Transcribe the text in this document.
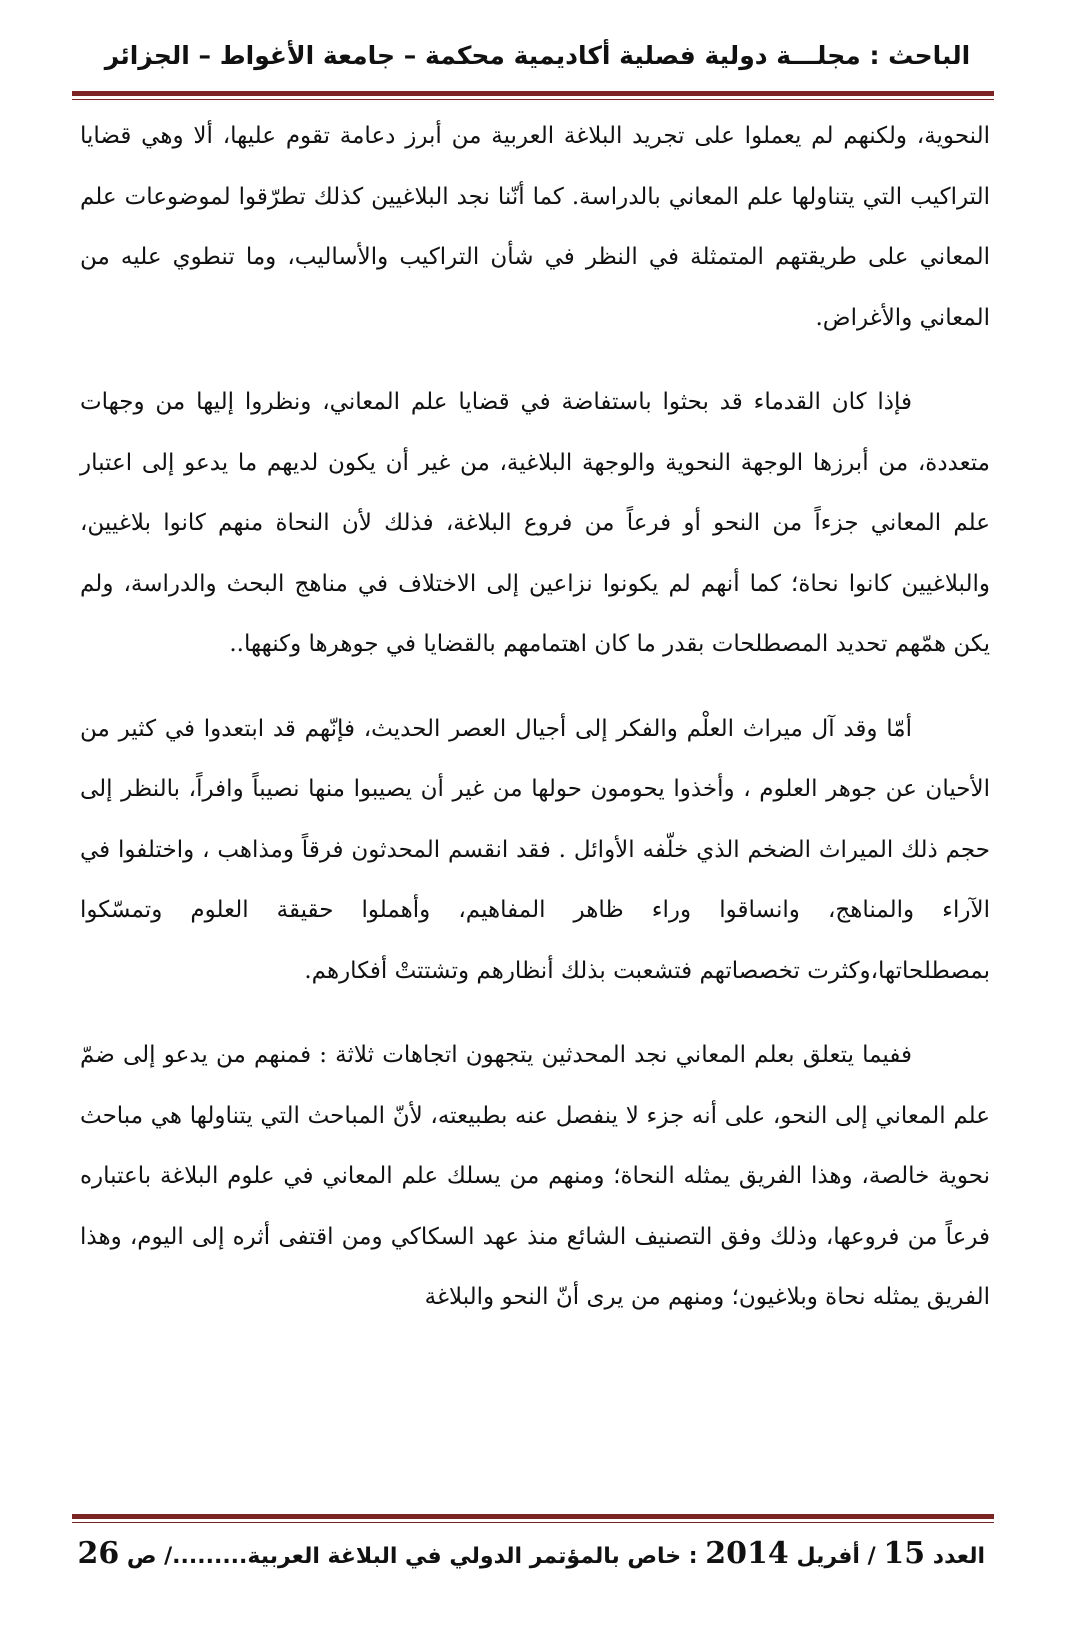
الباحث : مجلـــة دولية فصلية أكاديمية محكمة – جامعة الأغواط – الجزائر

النحوية، ولكنهم لم يعملوا على تجريد البلاغة العربية من أبرز دعامة تقوم عليها، ألا وهي قضايا التراكيب التي يتناولها علم المعاني بالدراسة. كما أنّنا نجد البلاغيين كذلك تطرّقوا لموضوعات علم المعاني على طريقتهم المتمثلة في النظر في شأن التراكيب والأساليب، وما تنطوي عليه من المعاني والأغراض.

فإذا كان القدماء قد بحثوا باستفاضة في قضايا علم المعاني، ونظروا إليها من وجهات متعددة، من أبرزها الوجهة النحوية والوجهة البلاغية، من غير أن يكون لديهم ما يدعو إلى اعتبار علم المعاني جزءاً من النحو أو فرعاً من فروع البلاغة، فذلك لأن النحاة منهم كانوا بلاغيين، والبلاغيين كانوا نحاة؛ كما أنهم لم يكونوا نزاعين إلى الاختلاف في مناهج البحث والدراسة، ولم يكن همّهم تحديد المصطلحات بقدر ما كان اهتمامهم بالقضايا في جوهرها وكنهها..

أمّا وقد آل ميراث العلْم والفكر إلى أجيال العصر الحديث، فإنّهم قد ابتعدوا في كثير من الأحيان عن جوهر العلوم ، وأخذوا يحومون حولها من غير أن يصيبوا منها نصيباً وافراً، بالنظر إلى حجم ذلك الميراث الضخم الذي خلّفه الأوائل . فقد انقسم المحدثون فرقاً ومذاهب ، واختلفوا في الآراء والمناهج، وانساقوا وراء ظاهر المفاهيم، وأهملوا حقيقة العلوم وتمسّكوا بمصطلحاتها،وكثرت تخصصاتهم فتشعبت بذلك أنظارهم وتشتتتْ أفكارهم.

ففيما يتعلق بعلم المعاني نجد المحدثين يتجهون اتجاهات ثلاثة : فمنهم من يدعو إلى ضمّ علم المعاني إلى النحو، على أنه جزء لا ينفصل عنه بطبيعته، لأنّ المباحث التي يتناولها هي مباحث نحوية خالصة، وهذا الفريق يمثله النحاة؛ ومنهم من يسلك علم المعاني في علوم البلاغة باعتباره فرعاً من فروعها، وذلك وفق التصنيف الشائع منذ عهد السكاكي ومن اقتفى أثره إلى اليوم، وهذا الفريق يمثله نحاة وبلاغيون؛ ومنهم من يرى أنّ النحو والبلاغة

العدد 15 / أفريل 2014 : خاص بالمؤتمر الدولي في البلاغة العربية........./ ص 26
